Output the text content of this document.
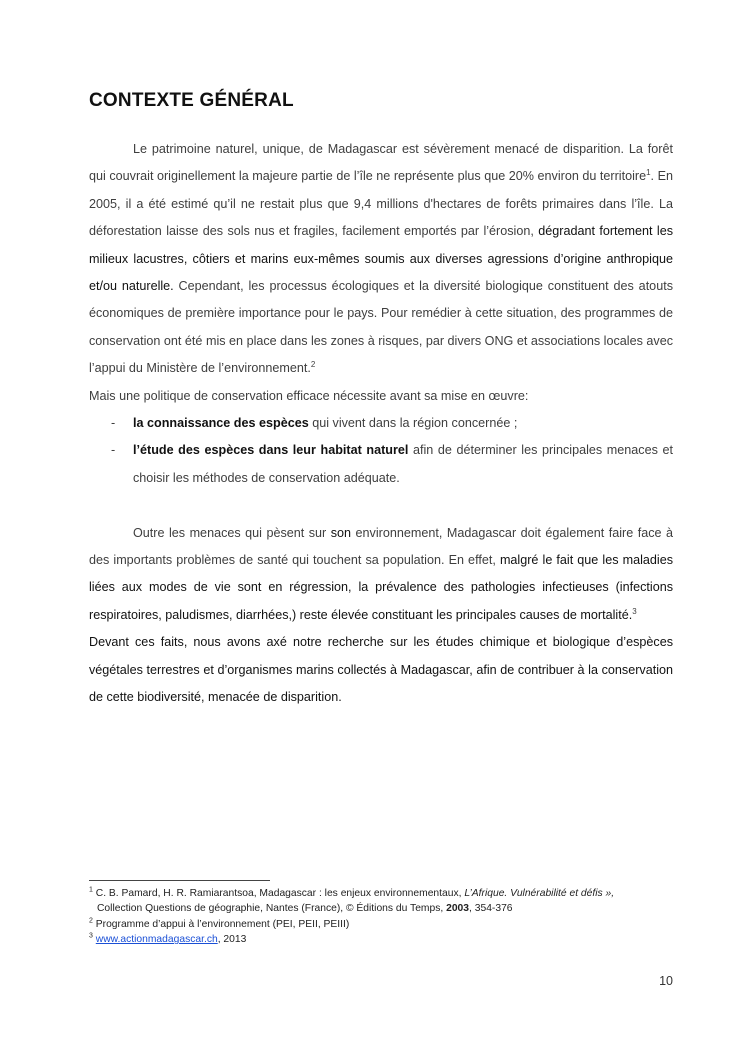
CONTEXTE GÉNÉRAL

Le patrimoine naturel, unique, de Madagascar est sévèrement menacé de disparition. La forêt qui couvrait originellement la majeure partie de l’île ne représente plus que 20% environ du territoire$^1$. En 2005, il a été estimé qu’il ne restait plus que 9,4 millions d'hectares de forêts primaires dans l’île. La déforestation laisse des sols nus et fragiles, facilement emportés par l’érosion, dégradant fortement les milieux lacustres, côtiers et marins eux-mêmes soumis aux diverses agressions d’origine anthropique et/ou naturelle. Cependant, les processus écologiques et la diversité biologique constituent des atouts économiques de première importance pour le pays. Pour remédier à cette situation, des programmes de conservation ont été mis en place dans les zones à risques, par divers ONG et associations locales avec l’appui du Ministère de l’environnement.$^2$

Mais une politique de conservation efficace nécessite avant sa mise en œuvre:

- la connaissance des espèces qui vivent dans la région concernée ;
- l’étude des espèces dans leur habitat naturel afin de déterminer les principales menaces et choisir les méthodes de conservation adéquate.

Outre les menaces qui pèsent sur son environnement, Madagascar doit également faire face à des importants problèmes de santé qui touchent sa population. En effet, malgré le fait que les maladies liées aux modes de vie sont en régression, la prévalence des pathologies infectieuses (infections respiratoires, paludismes, diarrhées,) reste élevée constituant les principales causes de mortalité.$^3$

Devant ces faits, nous avons axé notre recherche sur les études chimique et biologique d’espèces végétales terrestres et d’organismes marins collectés à Madagascar, afin de contribuer à la conservation de cette biodiversité, menacée de disparition.

$^1$ C. B. Pamard, H. R. Ramiarantsoa, Madagascar : les enjeux environnementaux, L’Afrique. Vulnérabilité et défis »,

Collection Questions de géographie, Nantes (France), © Éditions du Temps, 2003, 354-376

$^2$ Programme d’appui à l’environnement (PEI, PEII, PEIII)

$^3$ www.actionmadagascar.ch, 2013

10
